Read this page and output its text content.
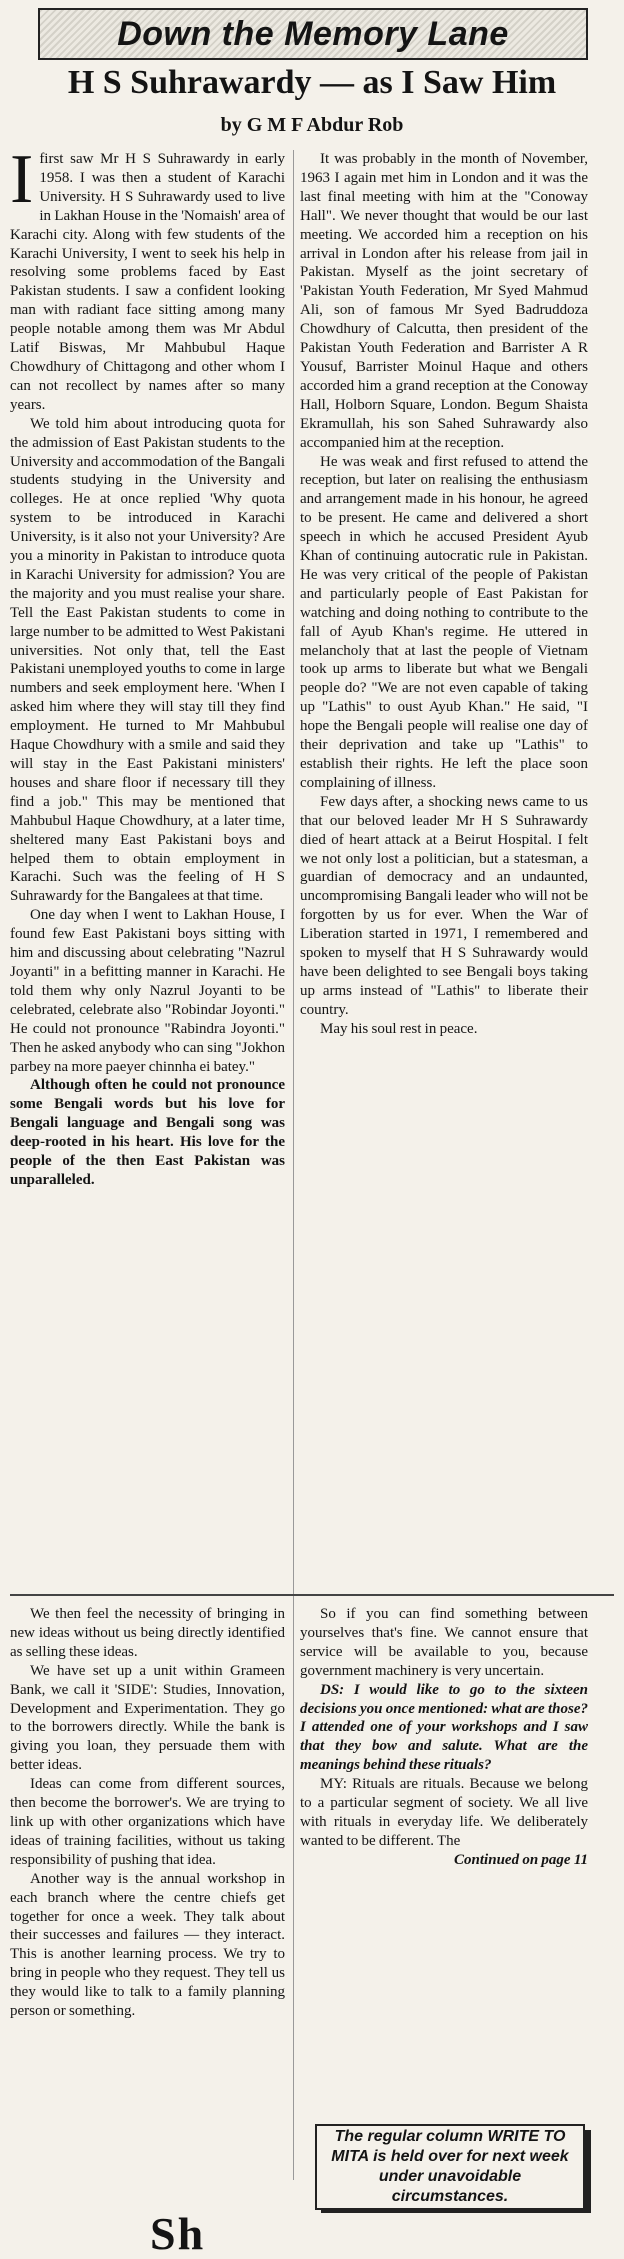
Down the Memory Lane
H S Suhrawardy — as I Saw Him
by G M F Abdur Rob

Ifirst saw Mr H S Suhrawardy in early 1958. I was then a student of Karachi University. H S Suhrawardy used to live in Lakhan House in the 'Nomaish' area of Karachi city. Along with few students of the Karachi University, I went to seek his help in resolving some problems faced by East Pakistan students. I saw a confident looking man with radiant face sitting among many people notable among them was Mr Abdul Latif Biswas, Mr Mahbubul Haque Chowdhury of Chittagong and other whom I can not recollect by names after so many years.

We told him about introducing quota for the admission of East Pakistan students to the University and accommodation of the Bangali students studying in the University and colleges. He at once replied 'Why quota system to be introduced in Karachi University, is it also not your University? Are you a minority in Pakistan to introduce quota in Karachi University for admission? You are the majority and you must realise your share. Tell the East Pakistan students to come in large number to be admitted to West Pakistani universities. Not only that, tell the East Pakistani unemployed youths to come in large numbers and seek employment here. 'When I asked him where they will stay till they find employment. He turned to Mr Mahbubul Haque Chowdhury with a smile and said they will stay in the East Pakistani ministers' houses and share floor if necessary till they find a job." This may be mentioned that Mahbubul Haque Chowdhury, at a later time, sheltered many East Pakistani boys and helped them to obtain employment in Karachi. Such was the feeling of H S Suhrawardy for the Bangalees at that time.

One day when I went to Lakhan House, I found few East Pakistani boys sitting with him and discussing about celebrating "Nazrul Joyanti" in a befitting manner in Karachi. He told them why only Nazrul Joyanti to be celebrated, celebrate also "Robindar Joyonti." He could not pronounce "Rabindra Joyonti." Then he asked anybody who can sing "Jokhon parbey na more paeyer chinnha ei batey."

Although often he could not pronounce some Bengali words but his love for Bengali language and Bengali song was deep-rooted in his heart. His love for the people of the then East Pakistan was unparalleled.

It was probably in the month of November, 1963 I again met him in London and it was the last final meeting with him at the "Conoway Hall". We never thought that would be our last meeting. We accorded him a reception on his arrival in London after his release from jail in Pakistan. Myself as the joint secretary of 'Pakistan Youth Federation, Mr Syed Mahmud Ali, son of famous Mr Syed Badruddoza Chowdhury of Calcutta, then president of the Pakistan Youth Federation and Barrister A R Yousuf, Barrister Moinul Haque and others accorded him a grand reception at the Conoway Hall, Holborn Square, London. Begum Shaista Ekramullah, his son Sahed Suhrawardy also accompanied him at the reception.

He was weak and first refused to attend the reception, but later on realising the enthusiasm and arrangement made in his honour, he agreed to be present. He came and delivered a short speech in which he accused President Ayub Khan of continuing autocratic rule in Pakistan. He was very critical of the people of Pakistan and particularly people of East Pakistan for watching and doing nothing to contribute to the fall of Ayub Khan's regime. He uttered in melancholy that at last the people of Vietnam took up arms to liberate but what we Bengali people do? "We are not even capable of taking up "Lathis" to oust Ayub Khan." He said, "I hope the Bengali people will realise one day of their deprivation and take up "Lathis" to establish their rights. He left the place soon complaining of illness.

Few days after, a shocking news came to us that our beloved leader Mr H S Suhrawardy died of heart attack at a Beirut Hospital. I felt we not only lost a politician, but a statesman, a guardian of democracy and an undaunted, uncompromising Bangali leader who will not be forgotten by us for ever. When the War of Liberation started in 1971, I remembered and spoken to myself that H S Suhrawardy would have been delighted to see Bengali boys taking up arms instead of "Lathis" to liberate their country.

May his soul rest in peace.

We then feel the necessity of bringing in new ideas without us being directly identified as selling these ideas.

We have set up a unit within Grameen Bank, we call it 'SIDE': Studies, Innovation, Development and Experimentation. They go to the borrowers directly. While the bank is giving you loan, they persuade them with better ideas.

Ideas can come from different sources, then become the borrower's. We are trying to link up with other organizations which have ideas of training facilities, without us taking responsibility of pushing that idea.

Another way is the annual workshop in each branch where the centre chiefs get together for once a week. They talk about their successes and failures — they interact. This is another learning process. We try to bring in people who they request. They tell us they would like to talk to a family planning person or something.

So if you can find something between yourselves that's fine. We cannot ensure that service will be available to you, because government machinery is very uncertain.

DS: I would like to go to the sixteen decisions you once mentioned: what are those? I attended one of your workshops and I saw that they bow and salute. What are the meanings behind these rituals?

MY: Rituals are rituals. Because we belong to a particular segment of society. We all live with rituals in everyday life. We deliberately wanted to be different. The

Continued on page 11

The regular column WRITE TO MITA is held over for next week under unavoidable circumstances.
Sh
